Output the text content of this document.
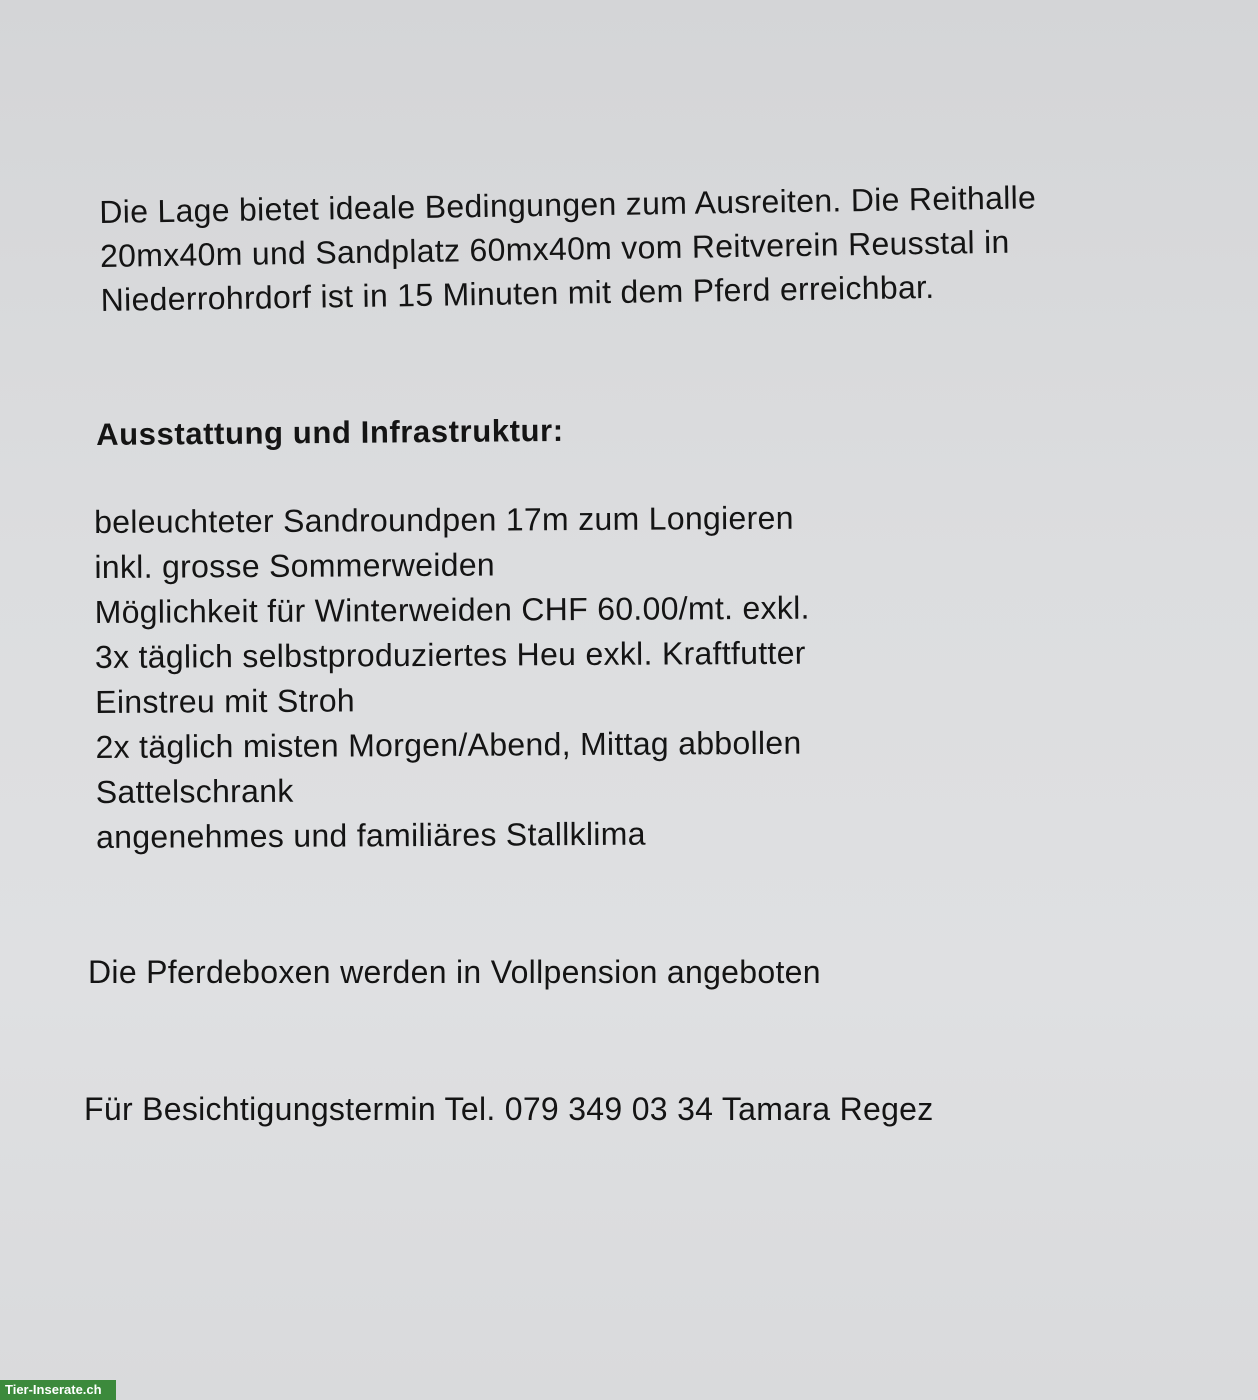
Die Lage bietet ideale Bedingungen zum Ausreiten. Die Reithalle
20mx40m und Sandplatz 60mx40m vom Reitverein Reusstal in
Niederrohrdorf ist in 15 Minuten mit dem Pferd erreichbar.
Ausstattung und Infrastruktur:
beleuchteter Sandroundpen 17m zum Longieren
inkl. grosse Sommerweiden
Möglichkeit für Winterweiden CHF 60.00/mt. exkl.
3x täglich selbstproduziertes Heu exkl. Kraftfutter
Einstreu mit Stroh
2x täglich misten Morgen/Abend, Mittag abbollen
Sattelschrank
angenehmes und familiäres Stallklima
Die Pferdeboxen werden in Vollpension angeboten
Für Besichtigungstermin Tel. 079 349 03 34 Tamara Regez
Tier-Inserate.ch
